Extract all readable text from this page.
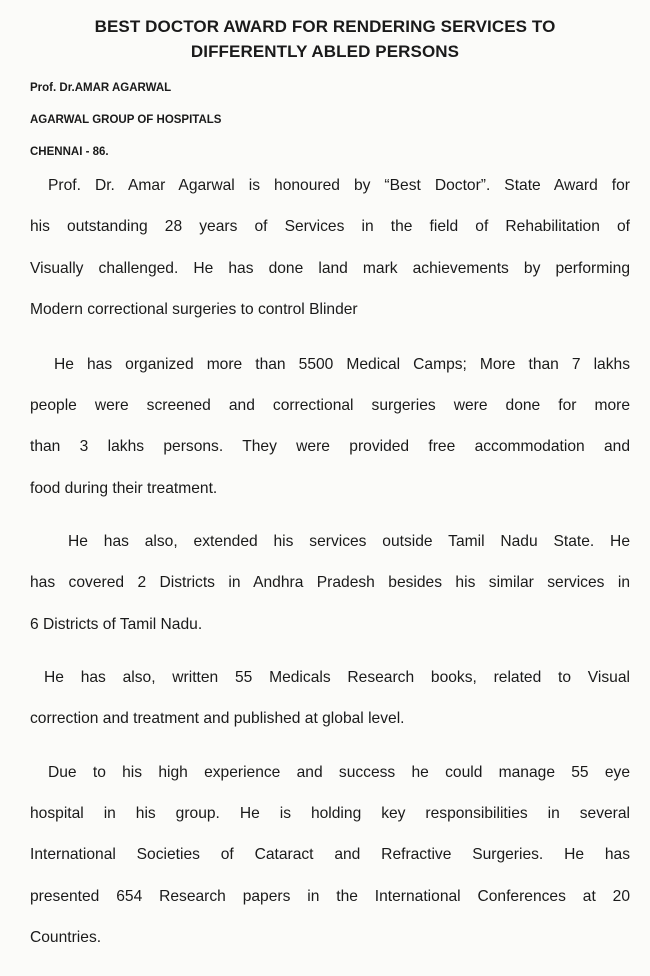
BEST DOCTOR AWARD FOR RENDERING SERVICES TO
DIFFERENTLY ABLED PERSONS

Prof. Dr.AMAR AGARWAL

AGARWAL GROUP OF HOSPITALS

CHENNAI - 86.

Prof. Dr. Amar Agarwal is honoured by “Best Doctor”. State Award for
his outstanding 28 years of Services in the field of Rehabilitation of
Visually challenged. He has done land mark achievements by performing
Modern correctional surgeries to control Blinder
He has organized more than 5500 Medical Camps; More than 7 lakhs
people were screened and correctional surgeries were done for more
than 3 lakhs persons. They were provided free accommodation and
food during their treatment.
He has also, extended his services outside Tamil Nadu State. He
has covered 2 Districts in Andhra Pradesh besides his similar services in
6 Districts of Tamil Nadu.
He has also, written 55 Medicals Research books, related to Visual
correction and treatment and published at global level.
Due to his high experience and success he could manage 55 eye
hospital in his group. He is holding key responsibilities in several
International Societies of Cataract and Refractive Surgeries. He has
presented 654 Research papers in the International Conferences at 20
Countries.
